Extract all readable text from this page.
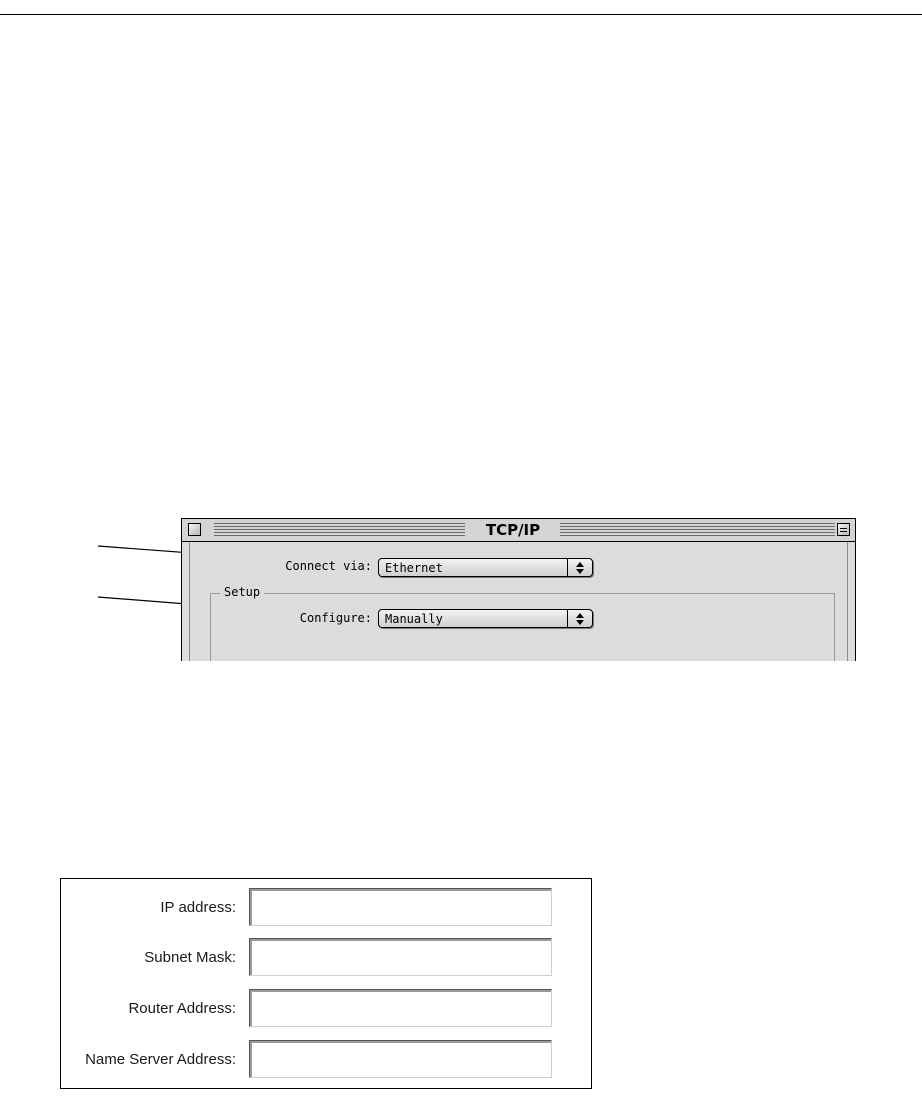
TCP/IP
Connect via: Ethernet
Setup
Configure: Manually
IP address:
Subnet Mask:
Router Address:
Name Server Address:
